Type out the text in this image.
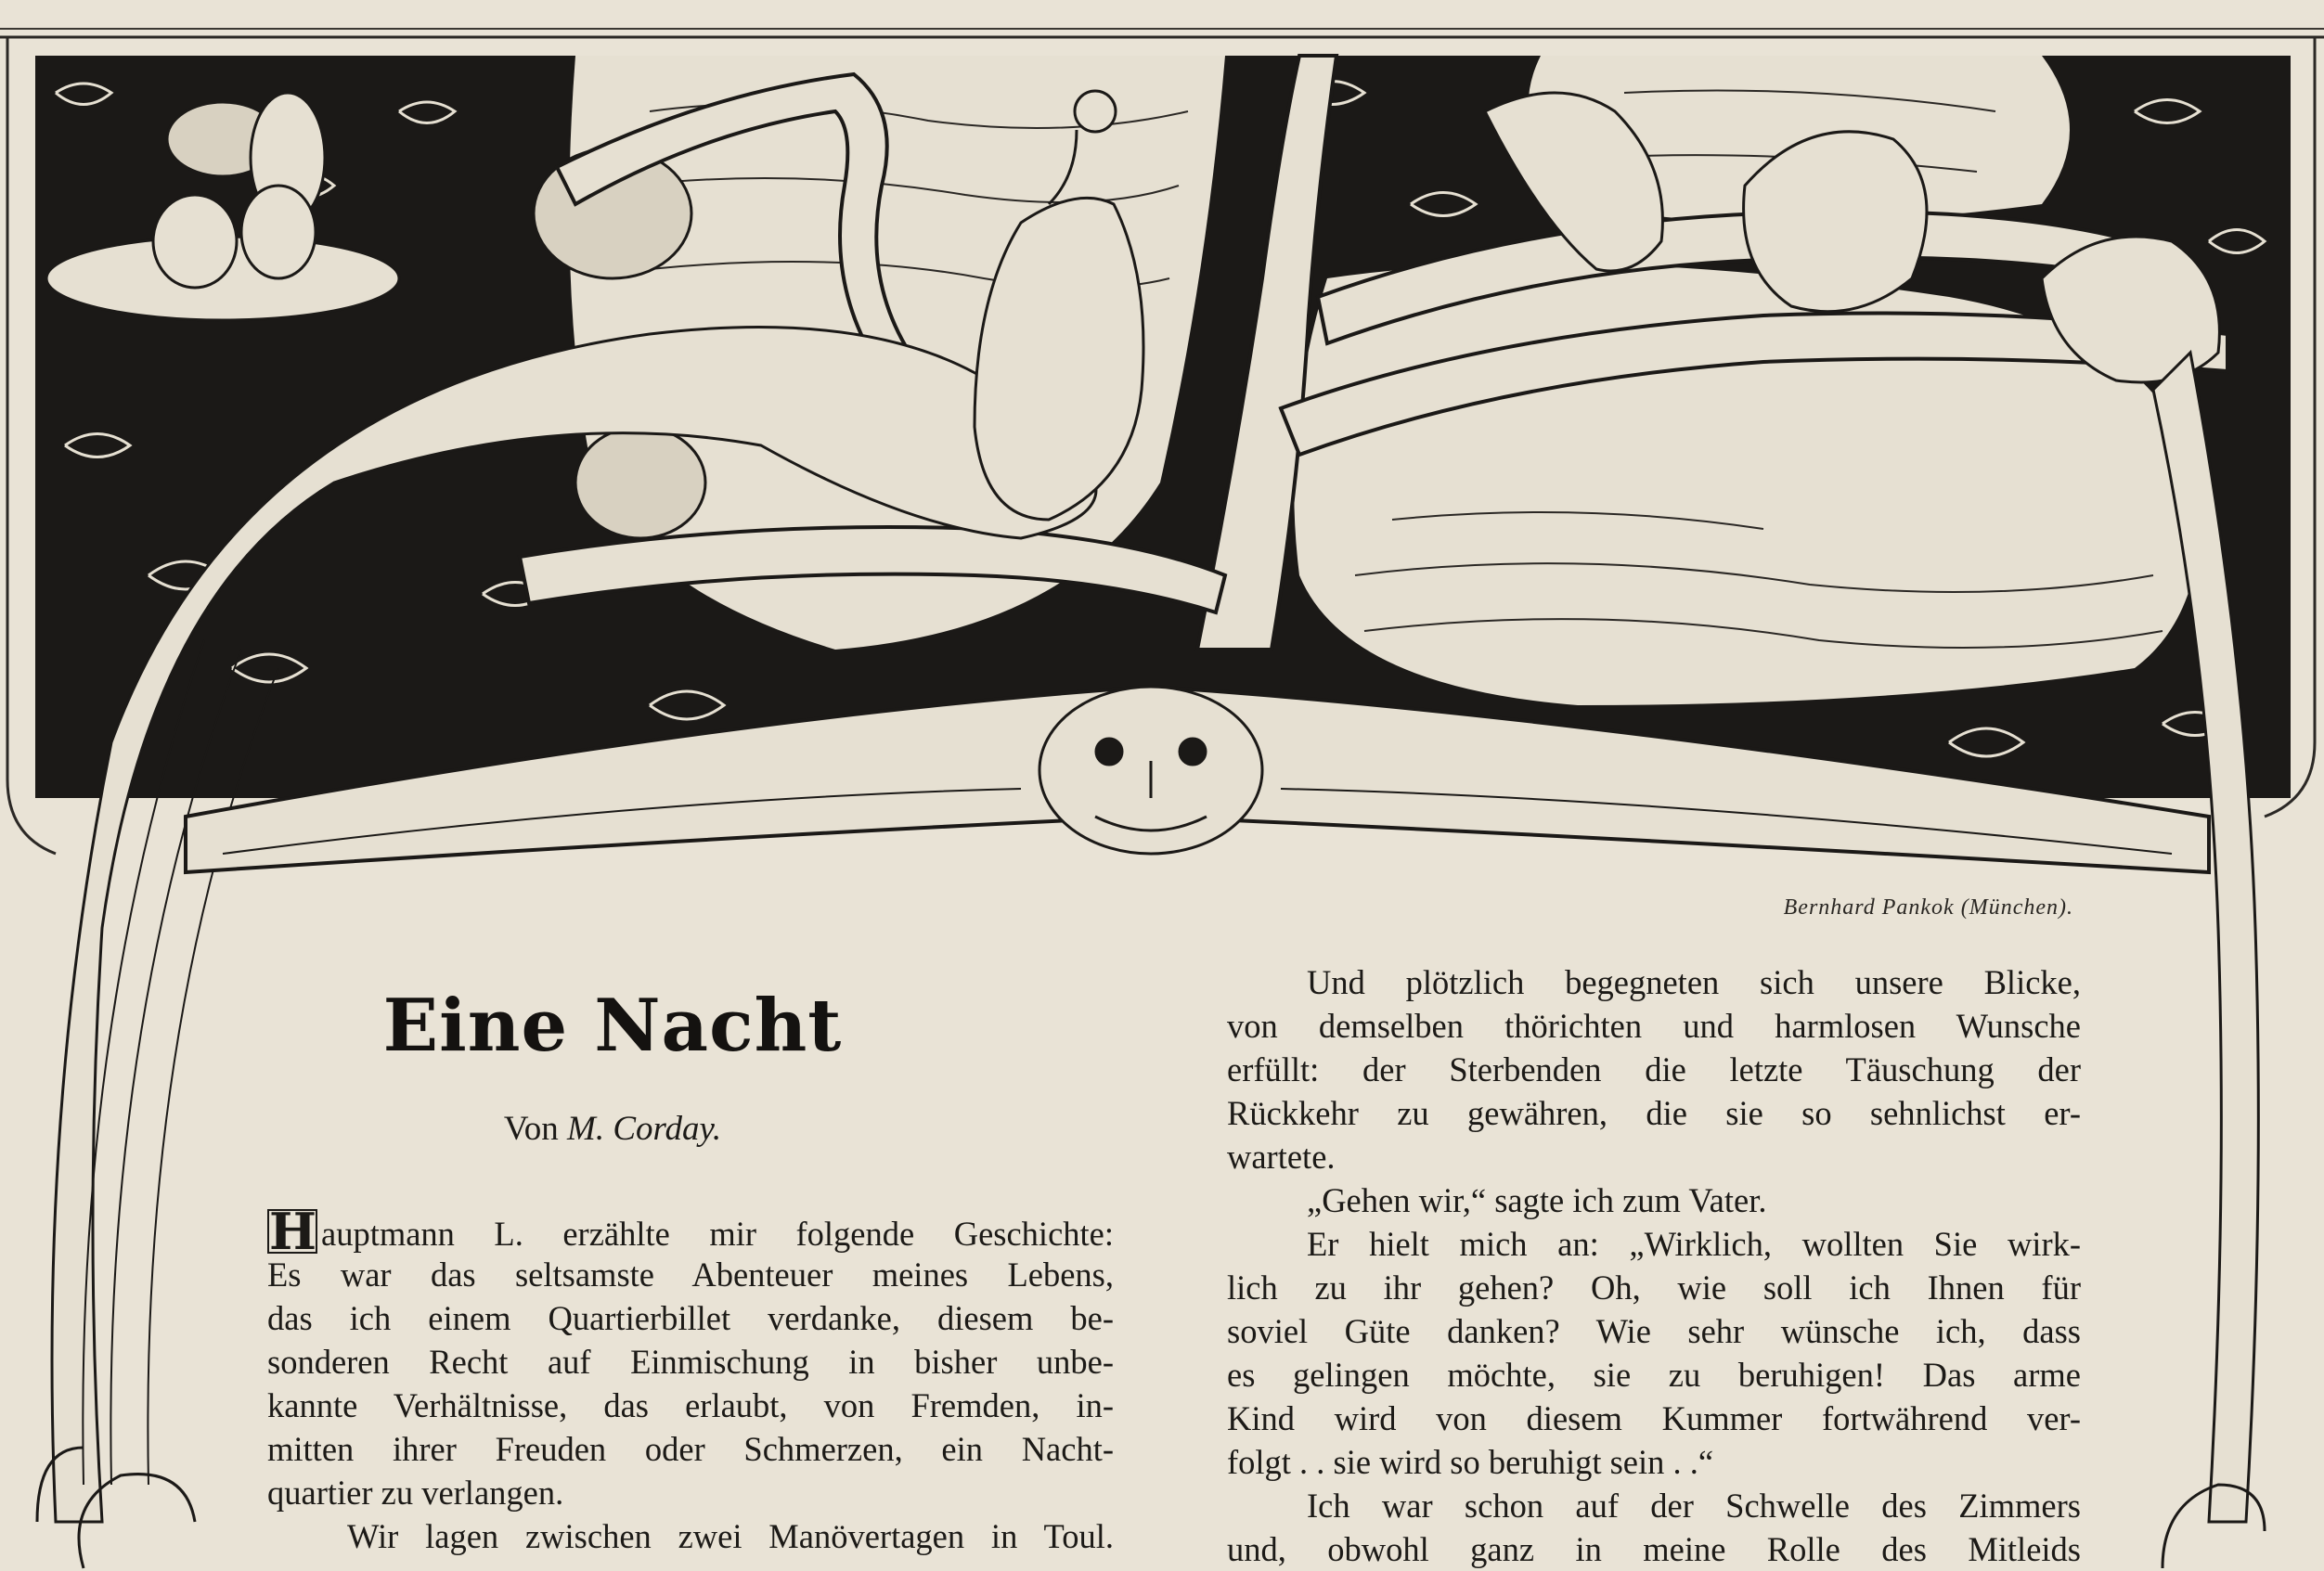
Bernhard Pankok (München).
Eine Nacht
Von M. Corday.
H auptmann L. erzählte mir folgende Geschichte:
Es war das seltsamste Abenteuer meines Lebens,
das ich einem Quartierbillet verdanke, diesem be-
sonderen Recht auf Einmischung in bisher unbe-
kannte Verhältnisse, das erlaubt, von Fremden, in-
mitten ihrer Freuden oder Schmerzen, ein Nacht-
quartier zu verlangen.
Wir lagen zwischen zwei Manövertagen in Toul.
Und plötzlich begegneten sich unsere Blicke,
von demselben thörichten und harmlosen Wunsche
erfüllt: der Sterbenden die letzte Täuschung der
Rückkehr zu gewähren, die sie so sehnlichst er-
wartete.
„Gehen wir,“ sagte ich zum Vater.
Er hielt mich an: „Wirklich, wollten Sie wirk-
lich zu ihr gehen? Oh, wie soll ich Ihnen für
soviel Güte danken? Wie sehr wünsche ich, dass
es gelingen möchte, sie zu beruhigen! Das arme
Kind wird von diesem Kummer fortwährend ver-
folgt . . sie wird so beruhigt sein . .“
Ich war schon auf der Schwelle des Zimmers
und, obwohl ganz in meine Rolle des Mitleids
